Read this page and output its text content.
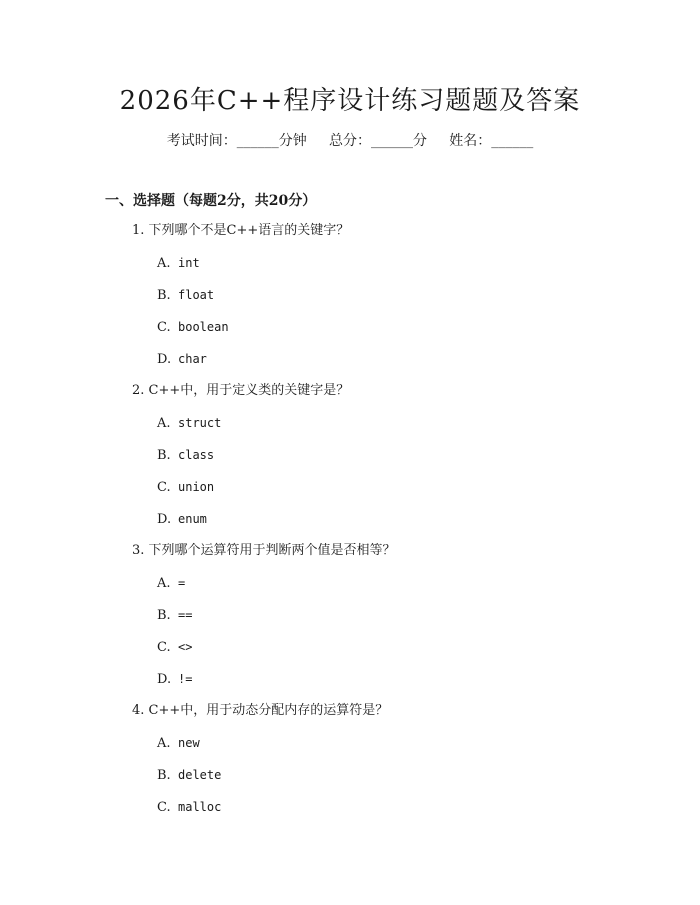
2026年C++程序设计练习题题及答案
考试时间：______分钟     总分：______分     姓名：______
一、选择题（每题2分，共20分）
1. 下列哪个不是C++语言的关键字？
A. int
B. float
C. boolean
D. char
2. C++中，用于定义类的关键字是？
A. struct
B. class
C. union
D. enum
3. 下列哪个运算符用于判断两个值是否相等？
A. =
B. ==
C. <>
D. !=
4. C++中，用于动态分配内存的运算符是？
A. new
B. delete
C. malloc
